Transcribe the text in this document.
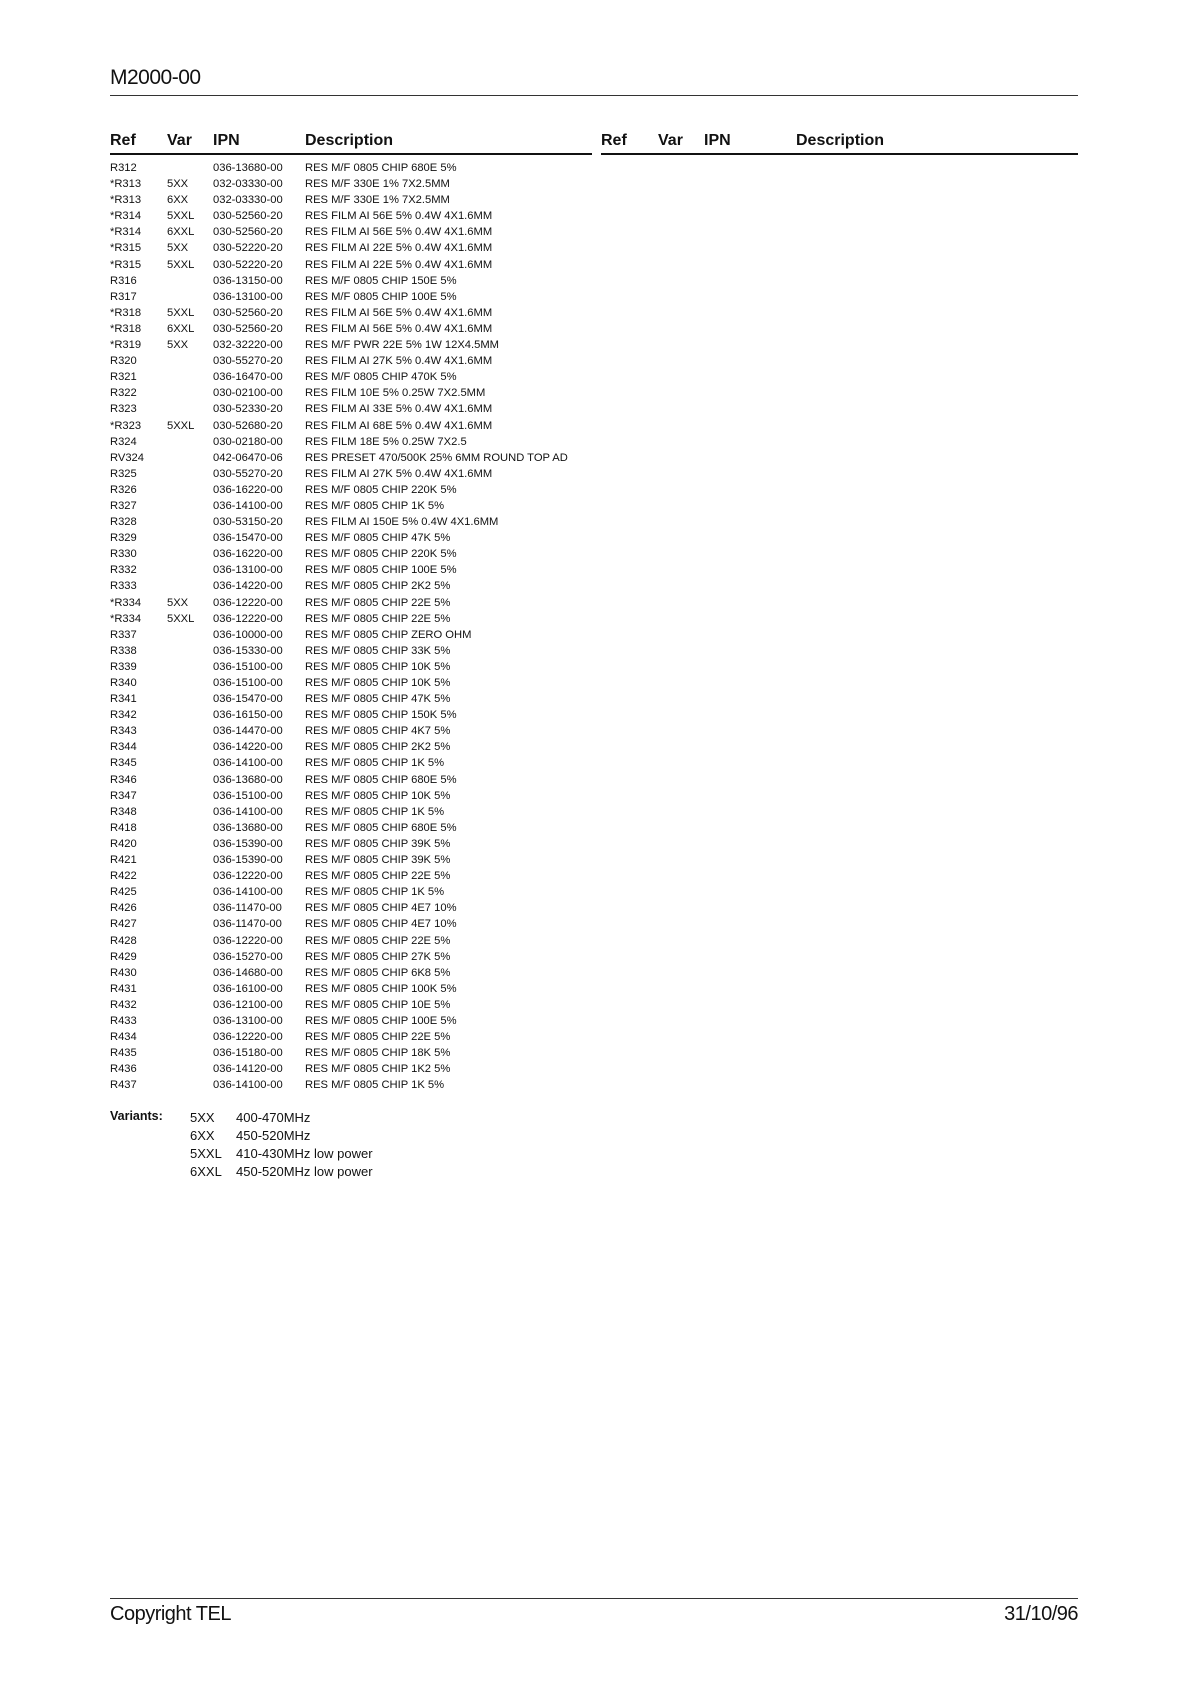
M2000-00
Ref Var IPN	Description	Ref Var IPN	Description
R312	036-13680-00 RES M/F 0805 CHIP 680E 5%
*R313 5XX 032-03330-00 RES M/F 330E 1% 7X2.5MM
*R313 6XX 032-03330-00 RES M/F 330E 1% 7X2.5MM
*R314 5XXL 030-52560-20 RES FILM AI 56E 5% 0.4W 4X1.6MM
*R314 6XXL 030-52560-20 RES FILM AI 56E 5% 0.4W 4X1.6MM
*R315 5XX 030-52220-20 RES FILM AI 22E 5% 0.4W 4X1.6MM
*R315 5XXL 030-52220-20 RES FILM AI 22E 5% 0.4W 4X1.6MM
R316	036-13150-00 RES M/F 0805 CHIP 150E 5%
R317	036-13100-00 RES M/F 0805 CHIP 100E 5%
*R318 5XXL 030-52560-20 RES FILM AI 56E 5% 0.4W 4X1.6MM
*R318 6XXL 030-52560-20 RES FILM AI 56E 5% 0.4W 4X1.6MM
*R319 5XX 032-32220-00 RES M/F PWR 22E 5% 1W 12X4.5MM
R320	030-55270-20 RES FILM AI 27K 5% 0.4W 4X1.6MM
R321	036-16470-00 RES M/F 0805 CHIP 470K 5%
R322	030-02100-00 RES FILM 10E 5% 0.25W 7X2.5MM
R323	030-52330-20 RES FILM AI 33E 5% 0.4W 4X1.6MM
*R323 5XXL 030-52680-20 RES FILM AI 68E 5% 0.4W 4X1.6MM
R324	030-02180-00 RES FILM 18E 5% 0.25W 7X2.5
RV324	042-06470-06 RES PRESET 470/500K 25% 6MM ROUND TOP AD
R325	030-55270-20 RES FILM AI 27K 5% 0.4W 4X1.6MM
R326	036-16220-00 RES M/F 0805 CHIP 220K 5%
R327	036-14100-00 RES M/F 0805 CHIP 1K 5%
R328	030-53150-20 RES FILM AI 150E 5% 0.4W 4X1.6MM
R329	036-15470-00 RES M/F 0805 CHIP 47K 5%
R330	036-16220-00 RES M/F 0805 CHIP 220K 5%
R332	036-13100-00 RES M/F 0805 CHIP 100E 5%
R333	036-14220-00 RES M/F 0805 CHIP 2K2 5%
*R334 5XX 036-12220-00 RES M/F 0805 CHIP 22E 5%
*R334 5XXL 036-12220-00 RES M/F 0805 CHIP 22E 5%
R337	036-10000-00 RES M/F 0805 CHIP ZERO OHM
R338	036-15330-00 RES M/F 0805 CHIP 33K 5%
R339	036-15100-00 RES M/F 0805 CHIP 10K 5%
R340	036-15100-00 RES M/F 0805 CHIP 10K 5%
R341	036-15470-00 RES M/F 0805 CHIP 47K 5%
R342	036-16150-00 RES M/F 0805 CHIP 150K 5%
R343	036-14470-00 RES M/F 0805 CHIP 4K7 5%
R344	036-14220-00 RES M/F 0805 CHIP 2K2 5%
R345	036-14100-00 RES M/F 0805 CHIP 1K 5%
R346	036-13680-00 RES M/F 0805 CHIP 680E 5%
R347	036-15100-00 RES M/F 0805 CHIP 10K 5%
R348	036-14100-00 RES M/F 0805 CHIP 1K 5%
R418	036-13680-00 RES M/F 0805 CHIP 680E 5%
R420	036-15390-00 RES M/F 0805 CHIP 39K 5%
R421	036-15390-00 RES M/F 0805 CHIP 39K 5%
R422	036-12220-00 RES M/F 0805 CHIP 22E 5%
R425	036-14100-00 RES M/F 0805 CHIP 1K 5%
R426	036-11470-00 RES M/F 0805 CHIP 4E7 10%
R427	036-11470-00 RES M/F 0805 CHIP 4E7 10%
R428	036-12220-00 RES M/F 0805 CHIP 22E 5%
R429	036-15270-00 RES M/F 0805 CHIP 27K 5%
R430	036-14680-00 RES M/F 0805 CHIP 6K8 5%
R431	036-16100-00 RES M/F 0805 CHIP 100K 5%
R432	036-12100-00 RES M/F 0805 CHIP 10E 5%
R433	036-13100-00 RES M/F 0805 CHIP 100E 5%
R434	036-12220-00 RES M/F 0805 CHIP 22E 5%
R435	036-15180-00 RES M/F 0805 CHIP 18K 5%
R436	036-14120-00 RES M/F 0805 CHIP 1K2 5%
R437	036-14100-00 RES M/F 0805 CHIP 1K 5%
Variants: 5XX 400-470MHz
6XX 450-520MHz
5XXL 410-430MHz low power
6XXL 450-520MHz low power
Copyright TEL	31/10/96
